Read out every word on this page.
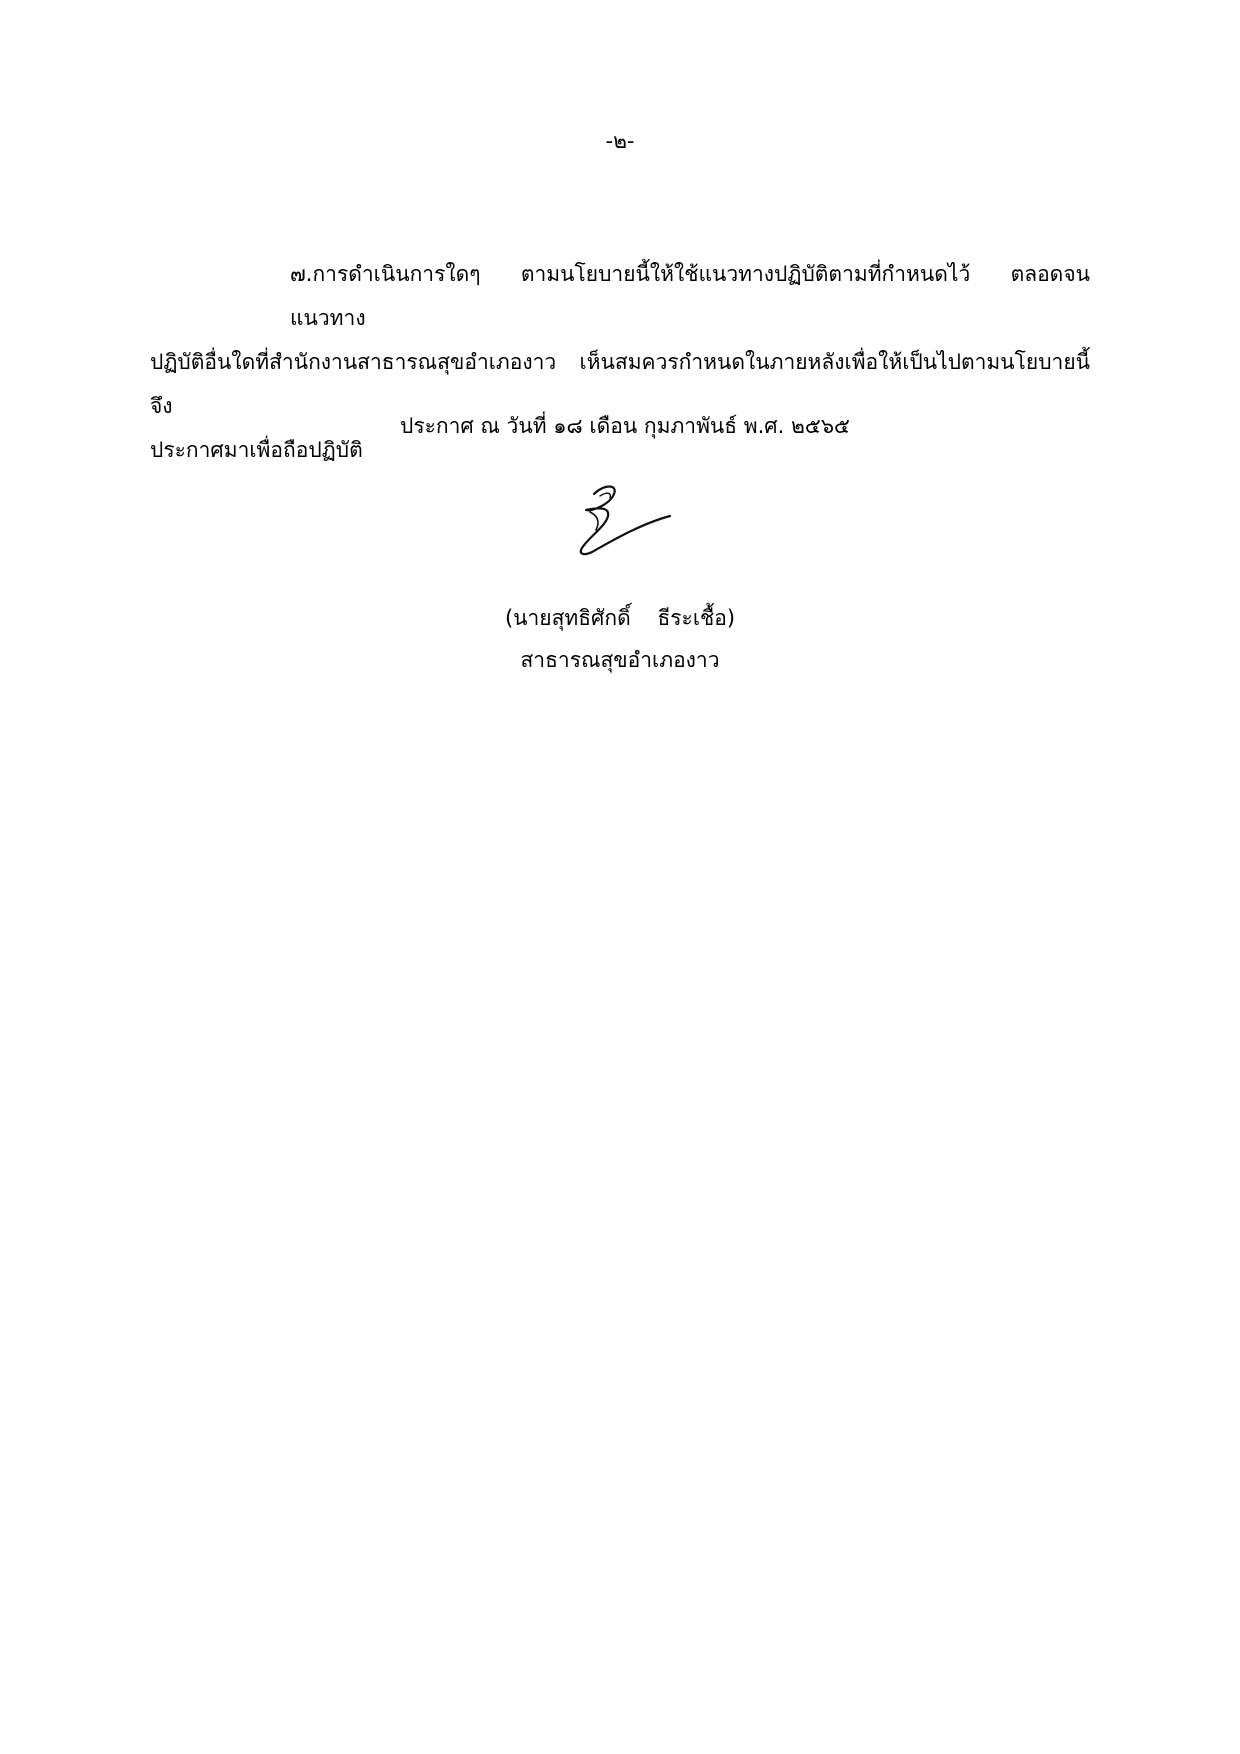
-๒-
๗.การดำเนินการใดๆ ตามนโยบายนี้ให้ใช้แนวทางปฏิบัติตามที่กำหนดไว้ ตลอดจนแนวทาง
ปฏิบัติอื่นใดที่สำนักงานสาธารณสุขอำเภองาว เห็นสมควรกำหนดในภายหลังเพื่อให้เป็นไปตามนโยบายนี้ จึง
ประกาศมาเพื่อถือปฏิบัติ
ประกาศ ณ วันที่ ๑๘ เดือน กุมภาพันธ์ พ.ศ. ๒๕๖๕
(นายสุทธิศักดิ์    ธีระเชื้อ)
สาธารณสุขอำเภองาว
